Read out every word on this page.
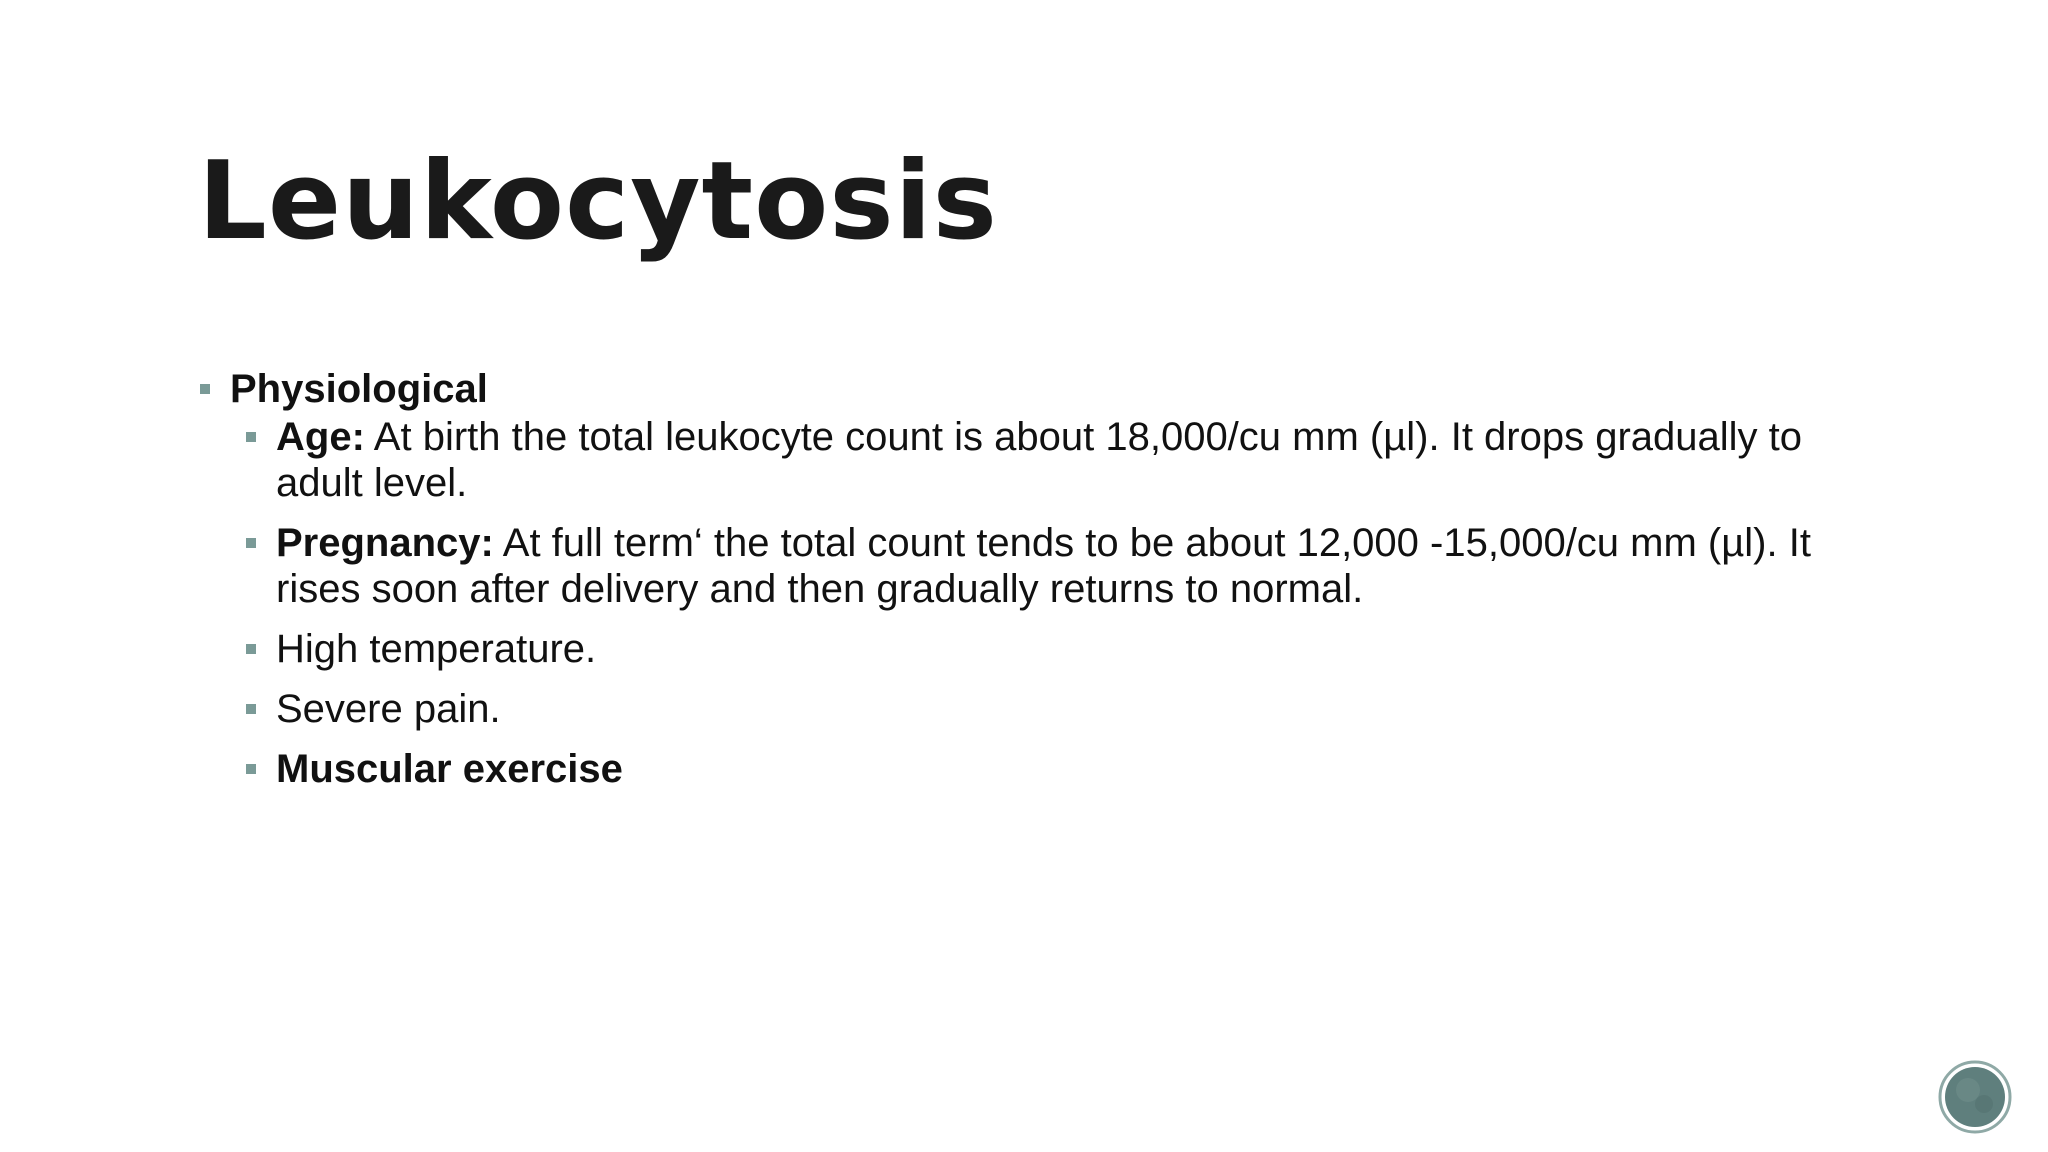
Leukocytosis
Physiological
Age: At birth the total leukocyte count is about 18,000/cu mm (µl). It drops gradually to adult level.
Pregnancy: At full term‘ the total count tends to be about 12,000 -15,000/cu mm (µl). It rises soon after delivery and then gradually returns to normal.
High temperature.
Severe pain.
Muscular exercise
